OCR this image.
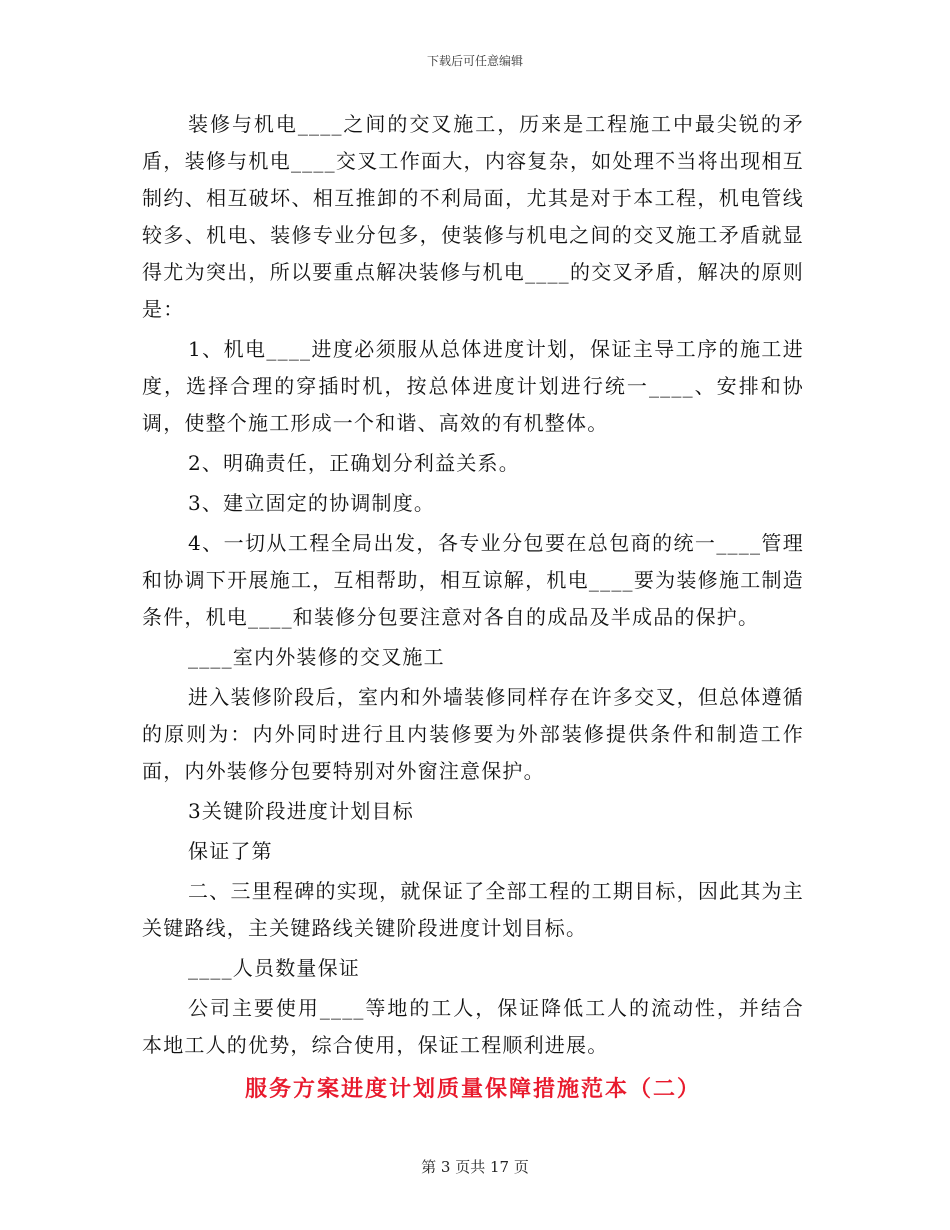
下载后可任意编辑

装修与机电____之间的交叉施工，历来是工程施工中最尖锐的矛盾，装修与机电____交叉工作面大，内容复杂，如处理不当将出现相互制约、相互破坏、相互推卸的不利局面，尤其是对于本工程，机电管线较多、机电、装修专业分包多，使装修与机电之间的交叉施工矛盾就显得尤为突出，所以要重点解决装修与机电____的交叉矛盾，解决的原则是：

1、机电____进度必须服从总体进度计划，保证主导工序的施工进度，选择合理的穿插时机，按总体进度计划进行统一____、安排和协调，使整个施工形成一个和谐、高效的有机整体。

2、明确责任，正确划分利益关系。

3、建立固定的协调制度。

4、一切从工程全局出发，各专业分包要在总包商的统一____管理和协调下开展施工，互相帮助，相互谅解，机电____要为装修施工制造条件，机电____和装修分包要注意对各自的成品及半成品的保护。

____室内外装修的交叉施工

进入装修阶段后，室内和外墙装修同样存在许多交叉，但总体遵循的原则为：内外同时进行且内装修要为外部装修提供条件和制造工作面，内外装修分包要特别对外窗注意保护。

3关键阶段进度计划目标

保证了第

二、三里程碑的实现，就保证了全部工程的工期目标，因此其为主关键路线，主关键路线关键阶段进度计划目标。

____人员数量保证

公司主要使用____等地的工人，保证降低工人的流动性，并结合本地工人的优势，综合使用，保证工程顺利进展。

服务方案进度计划质量保障措施范本（二）
第 3 页共 17 页
